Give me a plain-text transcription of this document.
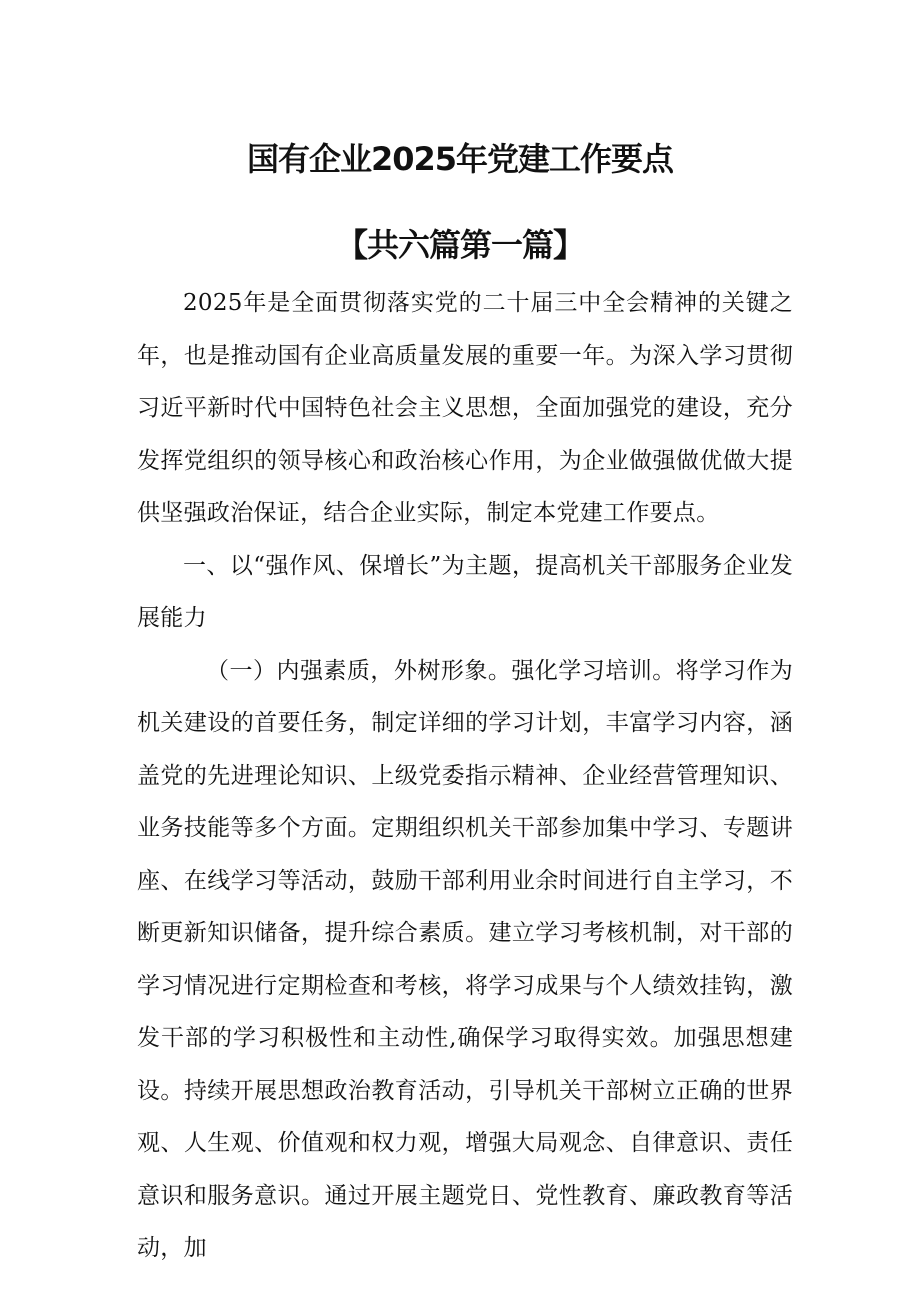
国有企业2025年党建工作要点
【共六篇第一篇】

2025年是全面贯彻落实党的二十届三中全会精神的关键之年，也是推动国有企业高质量发展的重要一年。为深入学习贯彻习近平新时代中国特色社会主义思想，全面加强党的建设，充分发挥党组织的领导核心和政治核心作用，为企业做强做优做大提供坚强政治保证，结合企业实际，制定本党建工作要点。

一、以“强作风、保增长”为主题，提高机关干部服务企业发展能力

（一）内强素质，外树形象。强化学习培训。将学习作为机关建设的首要任务，制定详细的学习计划，丰富学习内容，涵盖党的先进理论知识、上级党委指示精神、企业经营管理知识、业务技能等多个方面。定期组织机关干部参加集中学习、专题讲座、在线学习等活动，鼓励干部利用业余时间进行自主学习，不断更新知识储备，提升综合素质。建立学习考核机制，对干部的学习情况进行定期检查和考核，将学习成果与个人绩效挂钩，激发干部的学习积极性和主动性,确保学习取得实效。加强思想建设。持续开展思想政治教育活动，引导机关干部树立正确的世界观、人生观、价值观和权力观，增强大局观念、自律意识、责任意识和服务意识。通过开展主题党日、党性教育、廉政教育等活动，加
